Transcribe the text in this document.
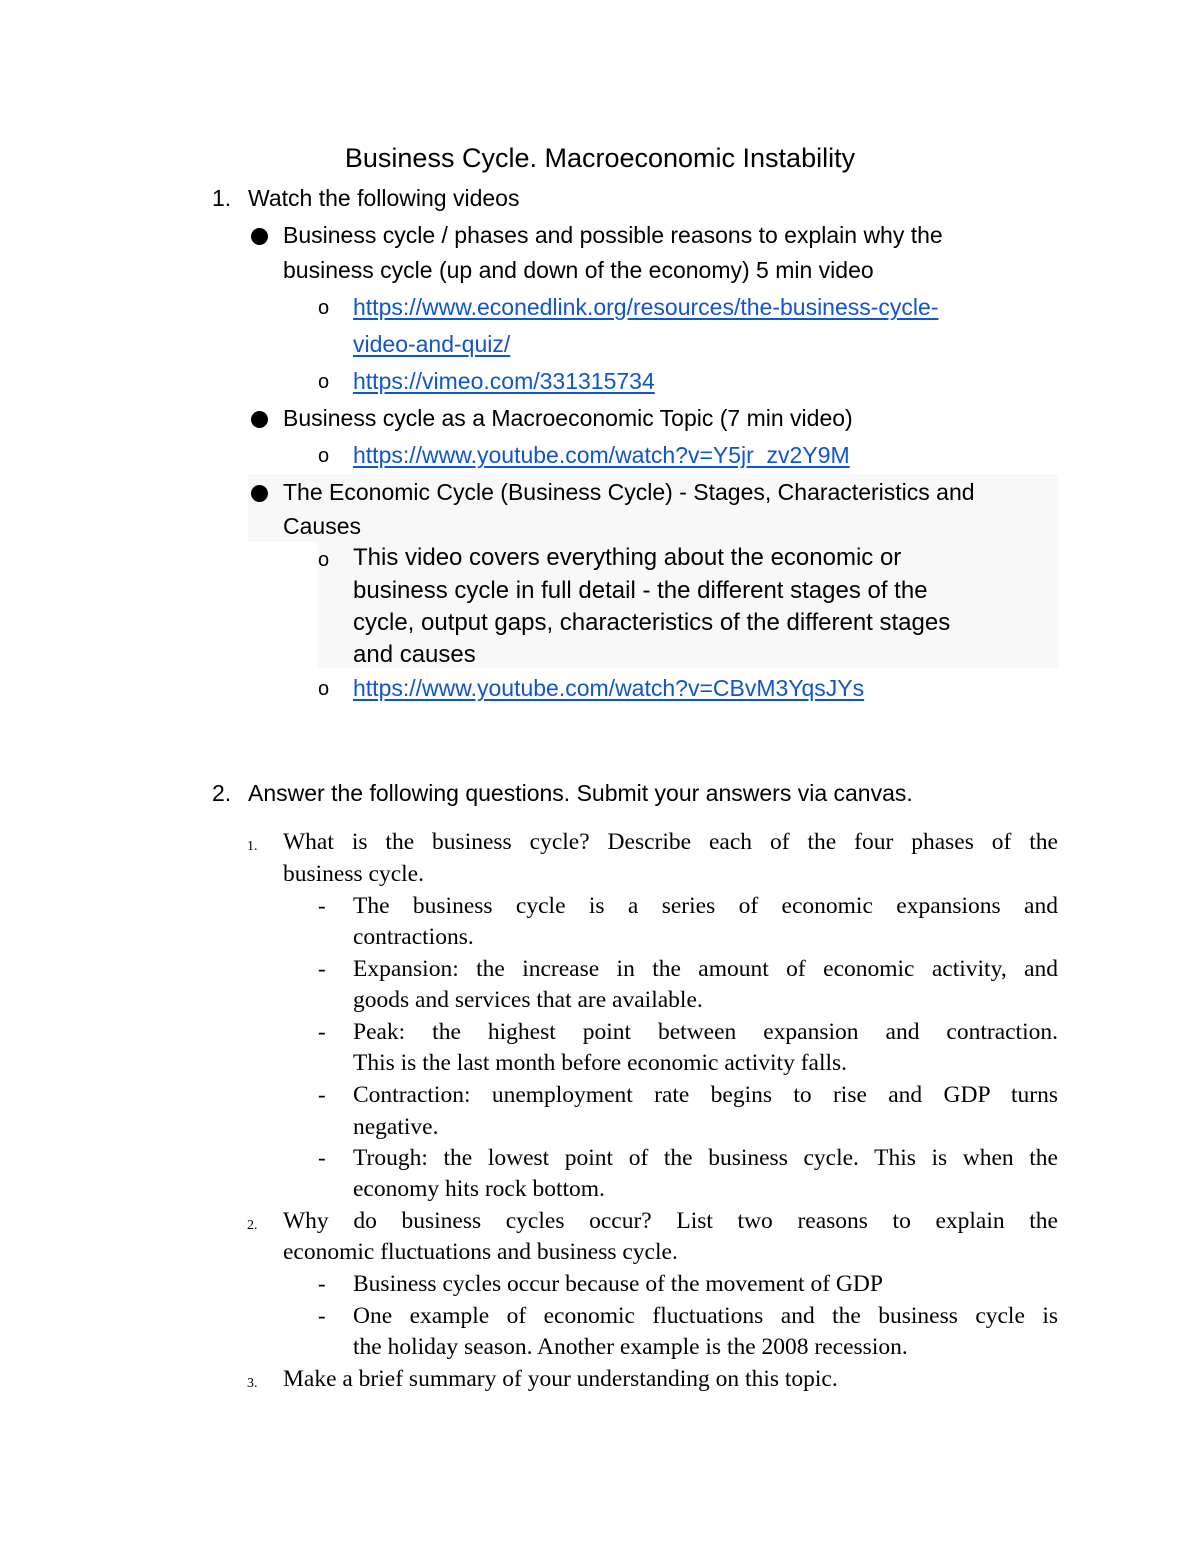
Business Cycle. Macroeconomic Instability
1. Watch the following videos
Business cycle / phases and possible reasons to explain why the
business cycle (up and down of the economy) 5 min video
o https://www.econedlink.org/resources/the-business-cycle-
video-and-quiz/
o https://vimeo.com/331315734
Business cycle as a Macroeconomic Topic (7 min video)
o https://www.youtube.com/watch?v=Y5jr_zv2Y9M
The Economic Cycle (Business Cycle) - Stages, Characteristics and
Causes
o This video covers everything about the economic or
business cycle in full detail - the different stages of the
cycle, output gaps, characteristics of the different stages
and causes
o https://www.youtube.com/watch?v=CBvM3YqsJYs
2. Answer the following questions. Submit your answers via canvas.
1. What is the business cycle? Describe each of the four phases of the
business cycle.
- The business cycle is a series of economic expansions and
contractions.
- Expansion: the increase in the amount of economic activity, and
goods and services that are available.
- Peak: the highest point between expansion and contraction.
This is the last month before economic activity falls.
- Contraction: unemployment rate begins to rise and GDP turns
negative.
- Trough: the lowest point of the business cycle. This is when the
economy hits rock bottom.
2. Why do business cycles occur? List two reasons to explain the
economic fluctuations and business cycle.
- Business cycles occur because of the movement of GDP
- One example of economic fluctuations and the business cycle is
the holiday season. Another example is the 2008 recession.
3. Make a brief summary of your understanding on this topic.
